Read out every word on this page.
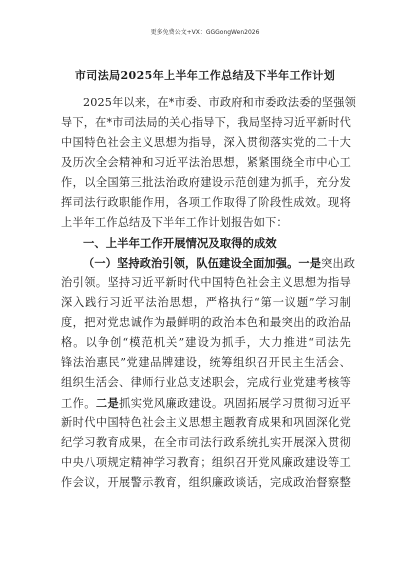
更多免费公文+VX：GGGongWen2026
市司法局2025年上半年工作总结及下半年工作计划
2025年以来，在*市委、市政府和市委政法委的坚强领
导下，在*市司法局的关心指导下，我局坚持习近平新时代
中国特色社会主义思想为指导，深入贯彻落实党的二十大
及历次全会精神和习近平法治思想，紧紧围绕全市中心工
作，以全国第三批法治政府建设示范创建为抓手，充分发
挥司法行政职能作用，各项工作取得了阶段性成效。现将
上半年工作总结及下半年工作计划报告如下：
一、上半年工作开展情况及取得的成效
（一）坚持政治引领，队伍建设全面加强。一是突出政
治引领。坚持习近平新时代中国特色社会主义思想为指导
深入践行习近平法治思想，严格执行“第一议题”学习制
度，把对党忠诚作为最鲜明的政治本色和最突出的政治品
格。以争创“模范机关”建设为抓手，大力推进“司法先
锋法治惠民”党建品牌建设，统筹组织召开民主生活会、
组织生活会、律师行业总支述职会，完成行业党建考核等
工作。二是抓实党风廉政建设。巩固拓展学习贯彻习近平
新时代中国特色社会主义思想主题教育成果和巩固深化党
纪学习教育成果，在全市司法行政系统扎实开展深入贯彻
中央八项规定精神学习教育；组织召开党风廉政建设等工
作会议，开展警示教育，组织廉政谈话，完成政治督察整
